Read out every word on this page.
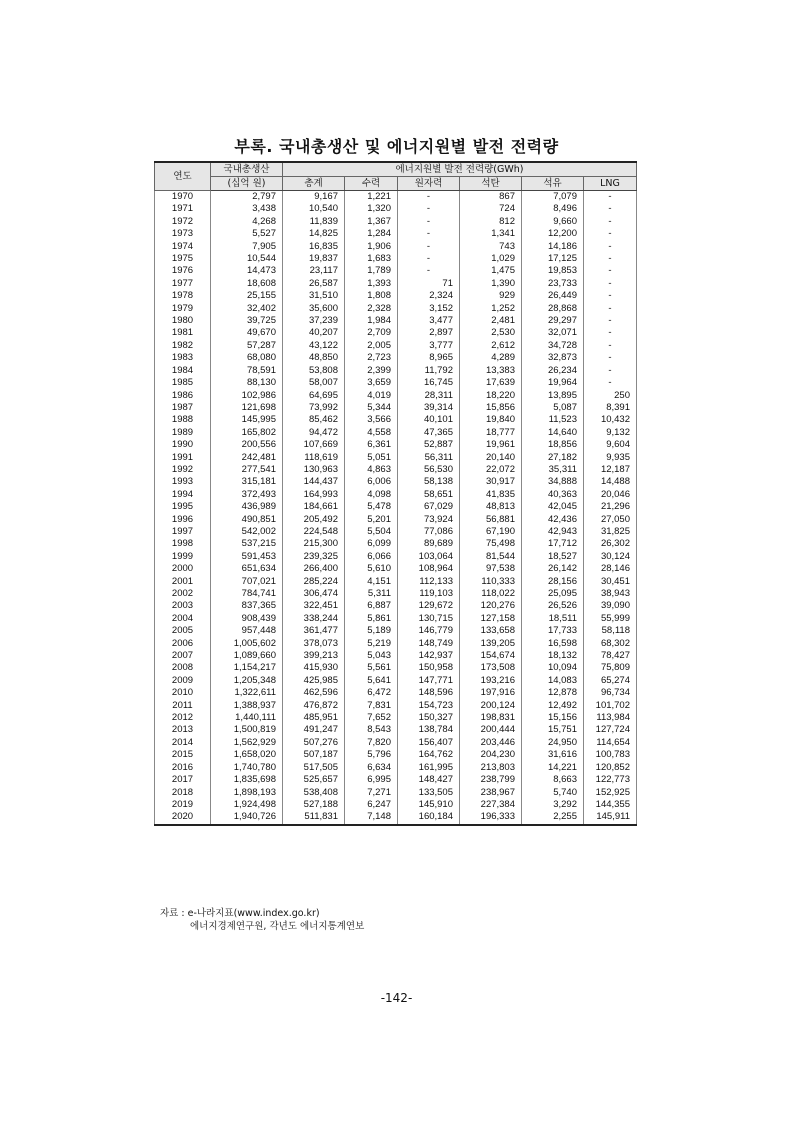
부록. 국내총생산 및 에너지원별 발전 전력량
연도	국내총생산	에너지원별 발전 전력량(GWh)					
	(십억 원)	총계	수력	원자력	석탄	석유	LNG
1970	2,797	9,167	1,221	-	867	7,079	-
1971	3,438	10,540	1,320	-	724	8,496	-
1972	4,268	11,839	1,367	-	812	9,660	-
1973	5,527	14,825	1,284	-	1,341	12,200	-
1974	7,905	16,835	1,906	-	743	14,186	-
1975	10,544	19,837	1,683	-	1,029	17,125	-
1976	14,473	23,117	1,789	-	1,475	19,853	-
1977	18,608	26,587	1,393	71	1,390	23,733	-
1978	25,155	31,510	1,808	2,324	929	26,449	-
1979	32,402	35,600	2,328	3,152	1,252	28,868	-
1980	39,725	37,239	1,984	3,477	2,481	29,297	-
1981	49,670	40,207	2,709	2,897	2,530	32,071	-
1982	57,287	43,122	2,005	3,777	2,612	34,728	-
1983	68,080	48,850	2,723	8,965	4,289	32,873	-
1984	78,591	53,808	2,399	11,792	13,383	26,234	-
1985	88,130	58,007	3,659	16,745	17,639	19,964	-
1986	102,986	64,695	4,019	28,311	18,220	13,895	250
1987	121,698	73,992	5,344	39,314	15,856	5,087	8,391
1988	145,995	85,462	3,566	40,101	19,840	11,523	10,432
1989	165,802	94,472	4,558	47,365	18,777	14,640	9,132
1990	200,556	107,669	6,361	52,887	19,961	18,856	9,604
1991	242,481	118,619	5,051	56,311	20,140	27,182	9,935
1992	277,541	130,963	4,863	56,530	22,072	35,311	12,187
1993	315,181	144,437	6,006	58,138	30,917	34,888	14,488
1994	372,493	164,993	4,098	58,651	41,835	40,363	20,046
1995	436,989	184,661	5,478	67,029	48,813	42,045	21,296
1996	490,851	205,492	5,201	73,924	56,881	42,436	27,050
1997	542,002	224,548	5,504	77,086	67,190	42,943	31,825
1998	537,215	215,300	6,099	89,689	75,498	17,712	26,302
1999	591,453	239,325	6,066	103,064	81,544	18,527	30,124
2000	651,634	266,400	5,610	108,964	97,538	26,142	28,146
2001	707,021	285,224	4,151	112,133	110,333	28,156	30,451
2002	784,741	306,474	5,311	119,103	118,022	25,095	38,943
2003	837,365	322,451	6,887	129,672	120,276	26,526	39,090
2004	908,439	338,244	5,861	130,715	127,158	18,511	55,999
2005	957,448	361,477	5,189	146,779	133,658	17,733	58,118
2006	1,005,602	378,073	5,219	148,749	139,205	16,598	68,302
2007	1,089,660	399,213	5,043	142,937	154,674	18,132	78,427
2008	1,154,217	415,930	5,561	150,958	173,508	10,094	75,809
2009	1,205,348	425,985	5,641	147,771	193,216	14,083	65,274
2010	1,322,611	462,596	6,472	148,596	197,916	12,878	96,734
2011	1,388,937	476,872	7,831	154,723	200,124	12,492	101,702
2012	1,440,111	485,951	7,652	150,327	198,831	15,156	113,984
2013	1,500,819	491,247	8,543	138,784	200,444	15,751	127,724
2014	1,562,929	507,276	7,820	156,407	203,446	24,950	114,654
2015	1,658,020	507,187	5,796	164,762	204,230	31,616	100,783
2016	1,740,780	517,505	6,634	161,995	213,803	14,221	120,852
2017	1,835,698	525,657	6,995	148,427	238,799	8,663	122,773
2018	1,898,193	538,408	7,271	133,505	238,967	5,740	152,925
2019	1,924,498	527,188	6,247	145,910	227,384	3,292	144,355
2020	1,940,726	511,831	7,148	160,184	196,333	2,255	145,911
자료 : e-나라지표(www.index.go.kr)
에너지경제연구원, 각년도 에너지통계연보
-142-
